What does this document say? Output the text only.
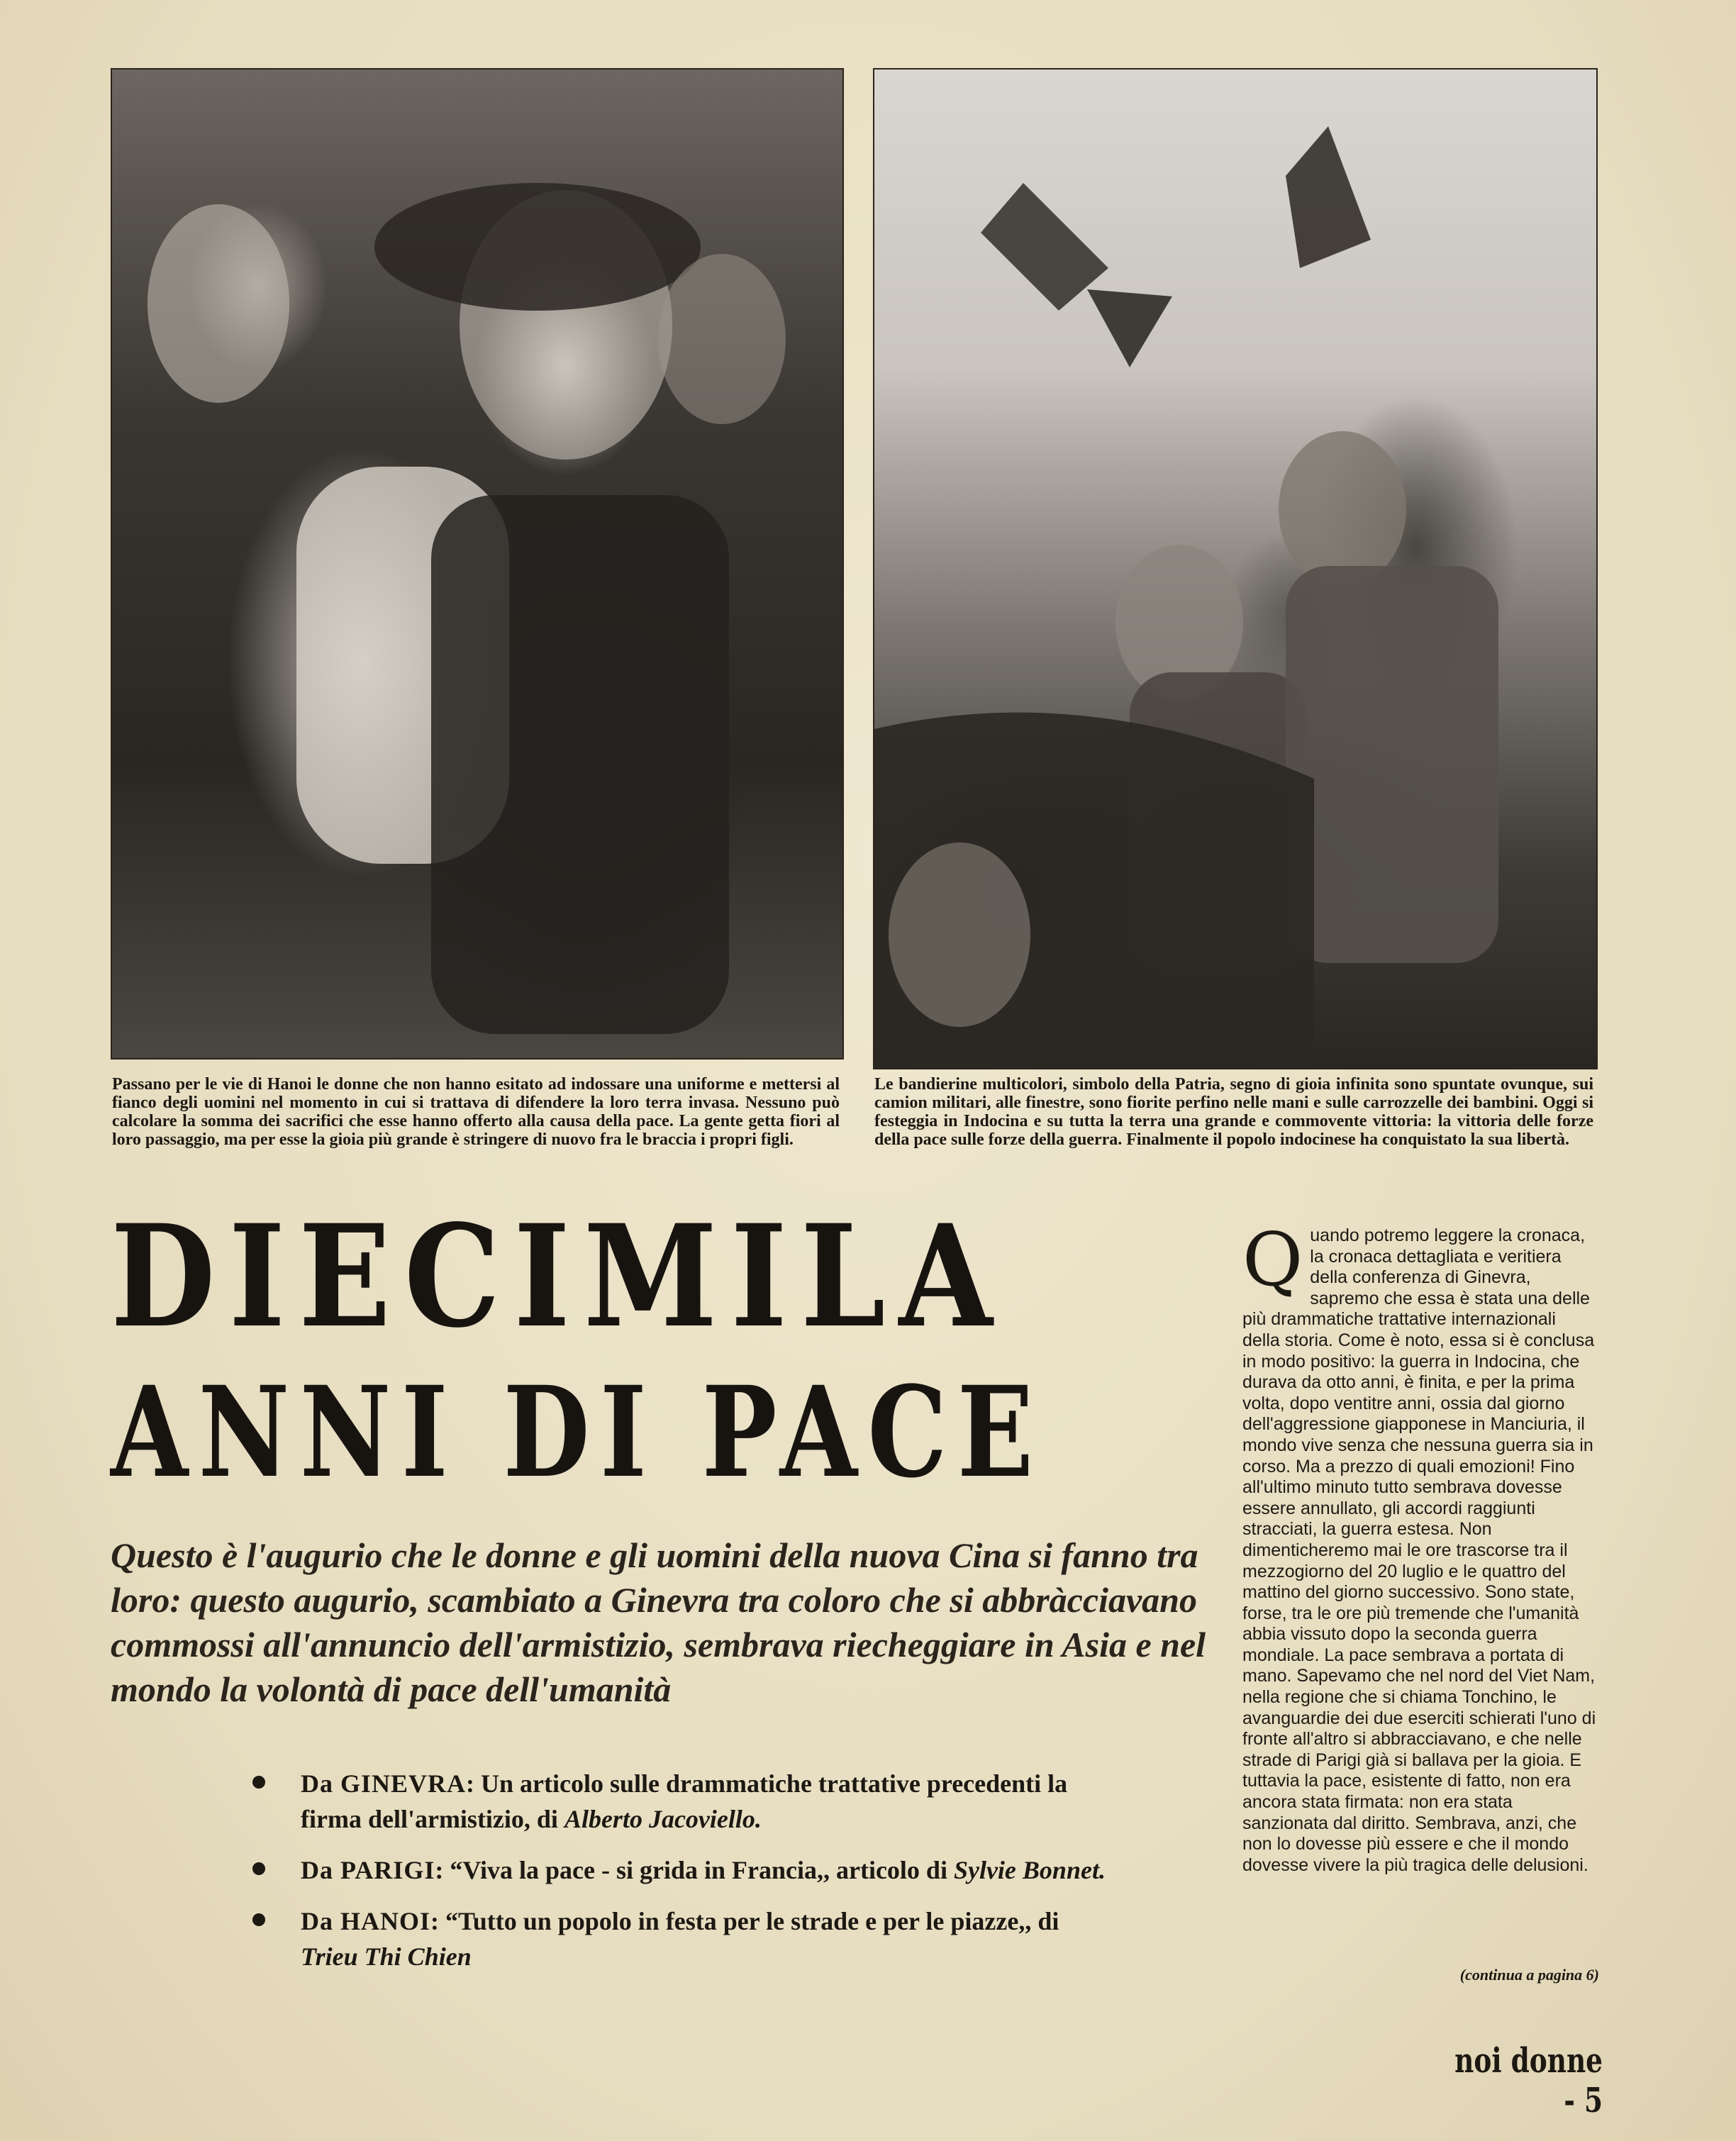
Passano per le vie di Hanoi le donne che non hanno esitato ad indossare una uniforme e mettersi al fianco degli uomini nel momento in cui si trattava di difendere la loro terra invasa. Nessuno può calcolare la somma dei sacrifici che esse hanno offerto alla causa della pace. La gente getta fiori al loro passaggio, ma per esse la gioia più grande è stringere di nuovo fra le braccia i propri figli.
Le bandierine multicolori, simbolo della Patria, segno di gioia infinita sono spuntate ovunque, sui camion militari, alle finestre, sono fiorite perfino nelle mani e sulle carrozzelle dei bambini. Oggi si festeggia in Indocina e su tutta la terra una grande e commovente vittoria: la vittoria delle forze della pace sulle forze della guerra. Finalmente il popolo indocinese ha conquistato la sua libertà.
DIECIMILA
ANNI DI PACE
Questo è l'augurio che le donne e gli uomini della nuova Cina si fanno tra loro: questo augurio, scambiato a Ginevra tra coloro che si abbràcciavano commossi all'annuncio dell'armistizio, sembrava riecheggiare in Asia e nel mondo la volontà di pace dell'umanità
Da GINEVRA: Un articolo sulle drammatiche trattative precedenti la firma dell'armistizio, di Alberto Jacoviello.
Da PARIGI: “Viva la pace - si grida in Francia,, articolo di Sylvie Bonnet.
Da HANOI: “Tutto un popolo in festa per le strade e per le piazze,, di Trieu Thi Chien
Quando potremo leggere la cronaca, la cronaca dettagliata e veritiera della conferenza di Ginevra, sapremo che essa è stata una delle più drammatiche trattative internazionali della storia. Come è noto, essa si è conclusa in modo positivo: la guerra in Indocina, che durava da otto anni, è finita, e per la prima volta, dopo ventitre anni, ossia dal giorno dell'aggressione giapponese in Manciuria, il mondo vive senza che nessuna guerra sia in corso. Ma a prezzo di quali emozioni! Fino all'ultimo minuto tutto sembrava dovesse essere annullato, gli accordi raggiunti stracciati, la guerra estesa. Non dimenticheremo mai le ore trascorse tra il mezzogiorno del 20 luglio e le quattro del mattino del giorno successivo. Sono state, forse, tra le ore più tremende che l'umanità abbia vissuto dopo la seconda guerra mondiale. La pace sembrava a portata di mano. Sapevamo che nel nord del Viet Nam, nella regione che si chiama Tonchino, le avanguardie dei due eserciti schierati l'uno di fronte all'altro si abbracciavano, e che nelle strade di Parigi già si ballava per la gioia. E tuttavia la pace, esistente di fatto, non era ancora stata firmata: non era stata sanzionata dal diritto. Sembrava, anzi, che non lo dovesse più essere e che il mondo dovesse vivere la più tragica delle delusioni.
(continua a pagina 6)
noi donne - 5
